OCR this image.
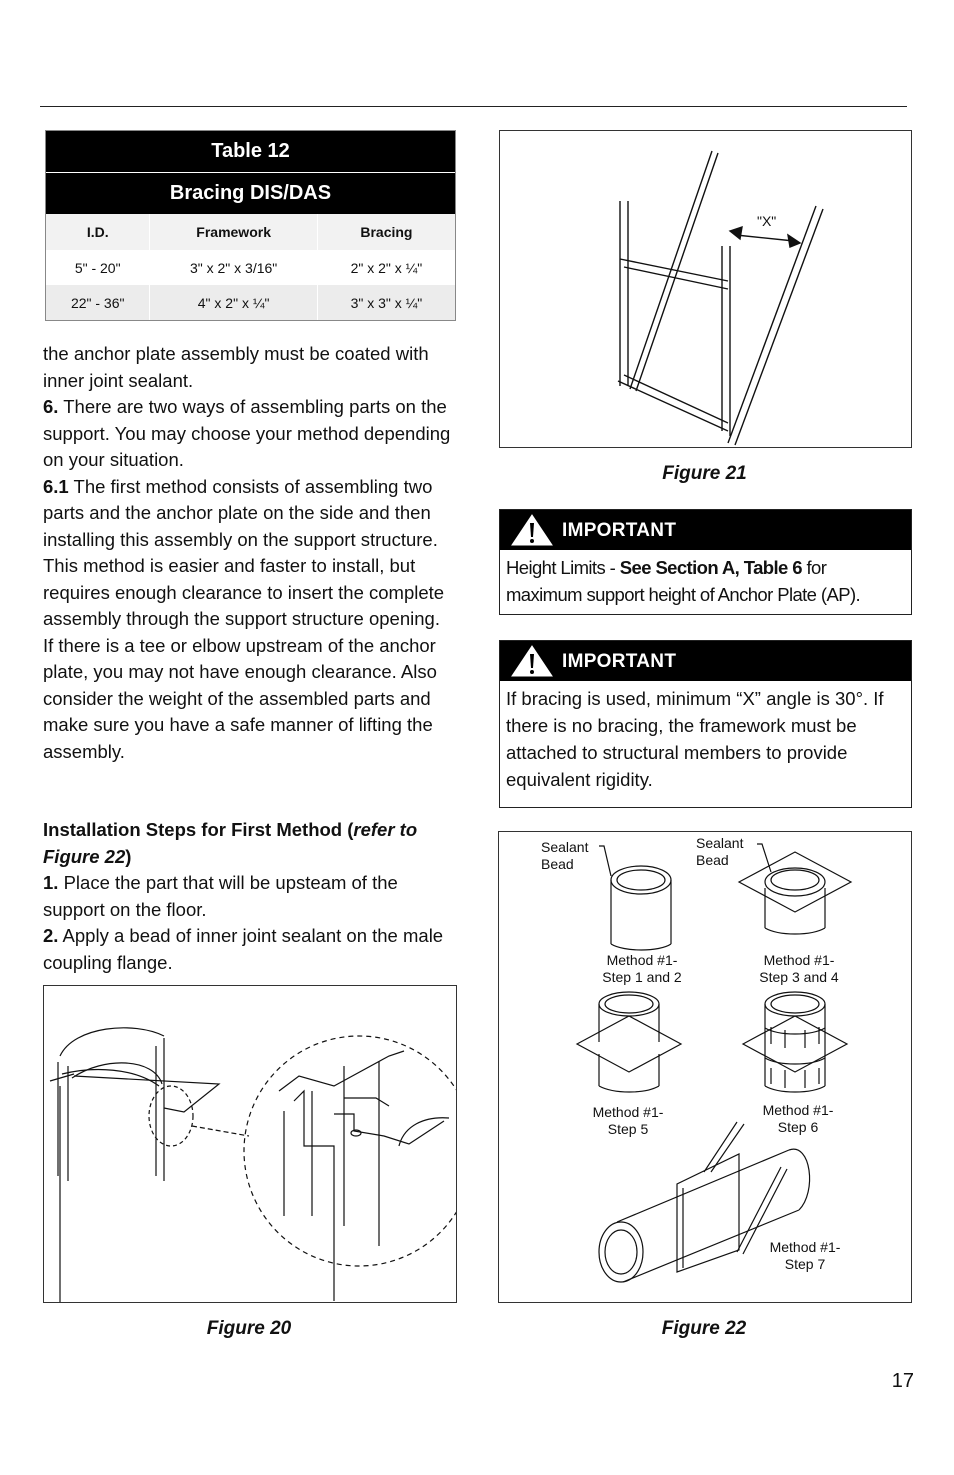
Table 12
Bracing DIS/DAS
I.D.	Framework	Bracing
5" - 20"	3" x 2" x 3/16"	2" x 2" x ¼"
22" - 36"	4" x 2" x ¼"	3" x 3" x ¼"

the anchor plate assembly must be coated with inner joint sealant.

6. There are two ways of assembling parts on the support. You may choose your method depending on your situation.

6.1 The first method consists of assembling two parts and the anchor plate on the side and then installing this assembly on the support structure. This method is easier and faster to install, but requires enough clearance to insert the complete assembly through the support structure opening.

If there is a tee or elbow upstream of the anchor plate, you may not have enough clearance. Also consider the weight of the assembled parts and make sure you have a safe manner of lifting the assembly.

Installation Steps for First Method (refer to Figure 22)

1. Place the part that will be upsteam of the support on the floor.

2. Apply a bead of inner joint sealant on the male coupling flange.

Figure 20
"X"
Figure 21
IMPORTANT
Height Limits - See Section A, Table 6 for maximum support height of Anchor Plate (AP).
IMPORTANT
If bracing is used, minimum “X” angle is 30°. If there is no bracing, the framework must be attached to structural members to provide equivalent rigidity.
Sealant
Bead
Sealant
Bead
Method #1-
Step 1 and 2
Method #1-
Step 3 and 4
Method #1-
Step 5
Method #1-
Step 6
Method #1-
Step 7
Figure 22
17
